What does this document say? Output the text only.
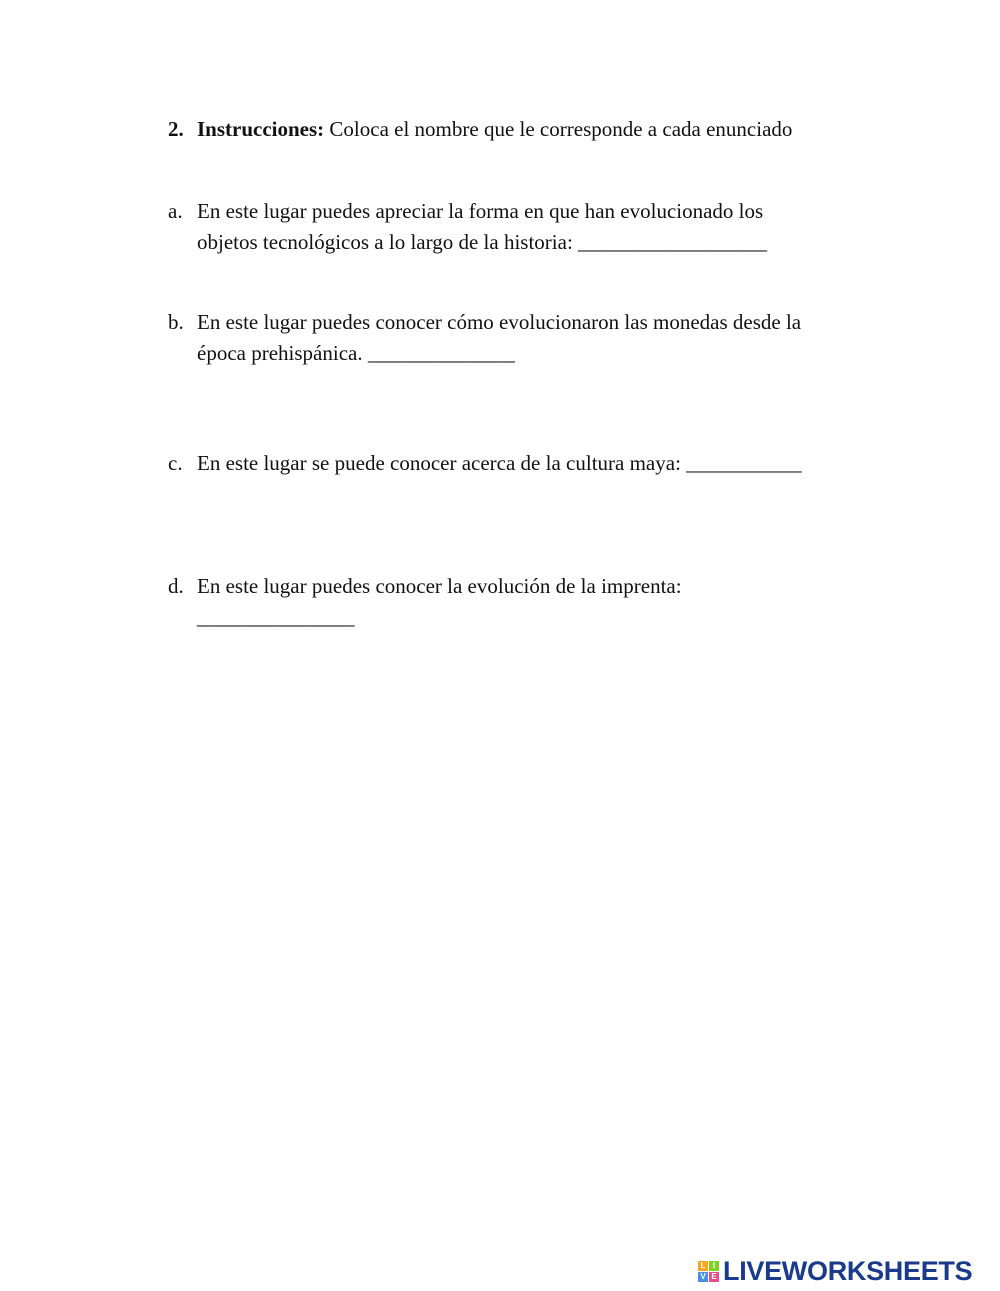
2. Instrucciones: Coloca el nombre que le corresponde a cada enunciado
a. En este lugar puedes apreciar la forma en que han evolucionado los
objetos tecnológicos a lo largo de la historia: __________________
b. En este lugar puedes conocer cómo evolucionaron las monedas desde la
época prehispánica. ______________
c. En este lugar se puede conocer acerca de la cultura maya: ___________
d. En este lugar puedes conocer la evolución de la imprenta:
_______________
L I
V E LIVEWORKSHEETS
